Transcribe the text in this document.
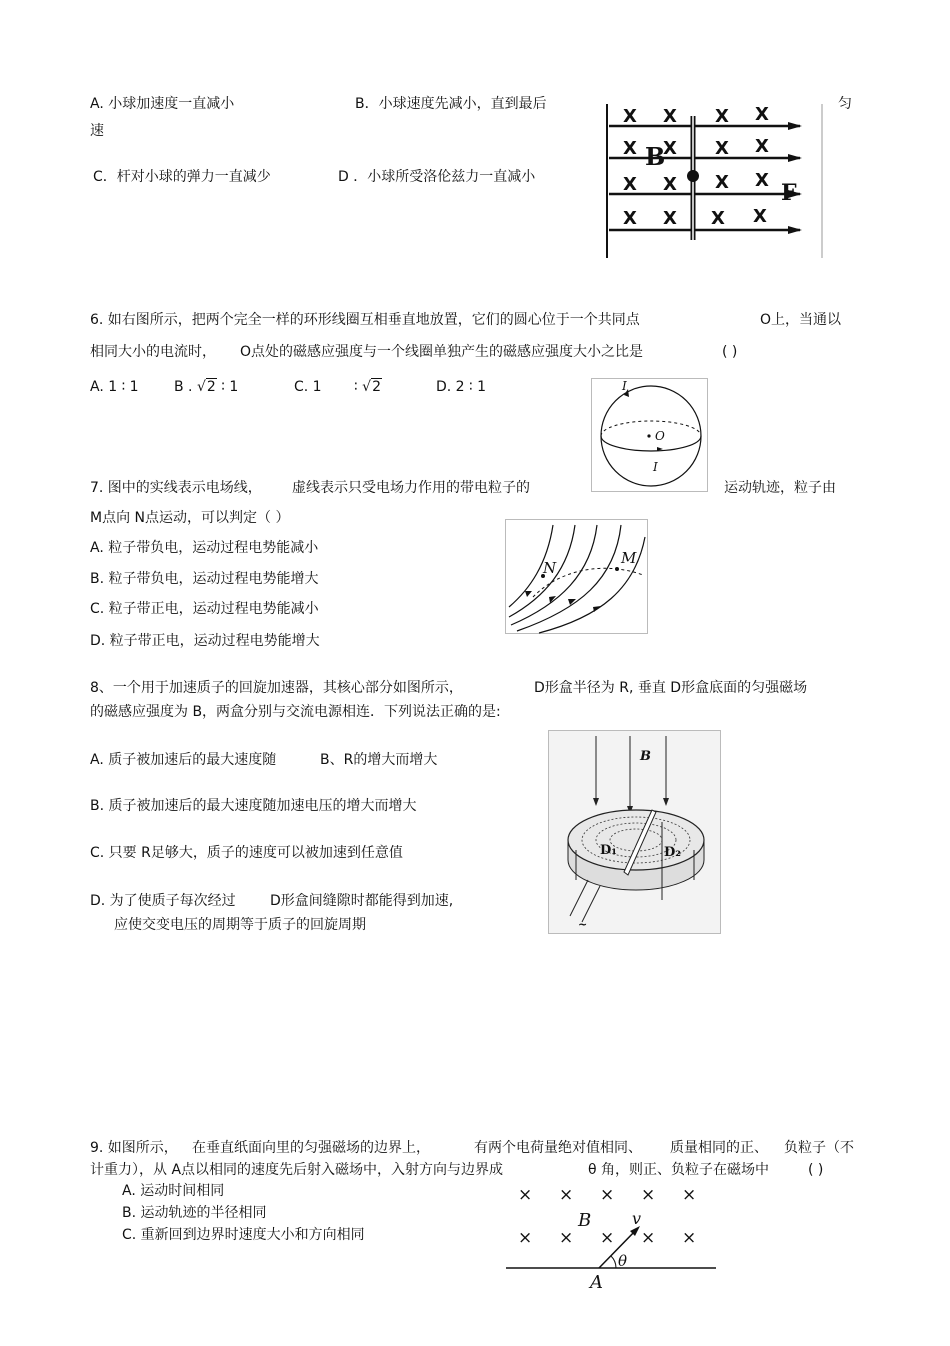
A. 小球加速度一直减小	B．小球速度先减小，直到最后	匀
速
C．杆对小球的弹力一直减少	D ．小球所受洛伦兹力一直减小
X X X X
X X X X
X X X X
X X X X
B
F
6. 如右图所示，把两个完全一样的环形线圈互相垂直地放置，它们的圆心位于一个共同点	O上，当通以
相同大小的电流时， O点处的磁感应强度与一个线圈单独产生的磁感应强度大小之比是	( )
A. 1 ∶ 1	B . √2 ∶ 1	C. 1 ∶ √2	D. 2 ∶ 1	I
O
I
7. 图中的实线表示电场线， 虚线表示只受电场力作用的带电粒子的	运动轨迹，粒子由
M点向 N点运动，可以判定（ ）
A. 粒子带负电，运动过程电势能减小
B. 粒子带负电，运动过程电势能增大
C. 粒子带正电，运动过程电势能减小
D. 粒子带正电，运动过程电势能增大
N
M
8、一个用于加速质子的回旋加速器，其核心部分如图所示，	D形盒半径为 R, 垂直 D形盒底面的匀强磁场
的磁感应强度为 B，两盒分别与交流电源相连．下列说法正确的是:
A. 质子被加速后的最大速度随	B、R的增大而增大
B. 质子被加速后的最大速度随加速电压的增大而增大
C. 只要 R足够大，质子的速度可以被加速到任意值
D. 为了使质子每次经过 D形盒间缝隙时都能得到加速,
应使交变电压的周期等于质子的回旋周期
B
D₁	D₂
~
9. 如图所示， 在垂直纸面向里的匀强磁场的边界上，	有两个电荷量绝对值相同、 质量相同的正、 负粒子（不
计重力），从 A点以相同的速度先后射入磁场中，入射方向与边界成	θ 角，则正、负粒子在磁场中	( )
A. 运动时间相同
B. 运动轨迹的半径相同
C. 重新回到边界时速度大小和方向相同
× × × × ×
× × × × ×
B	v
θ
A
